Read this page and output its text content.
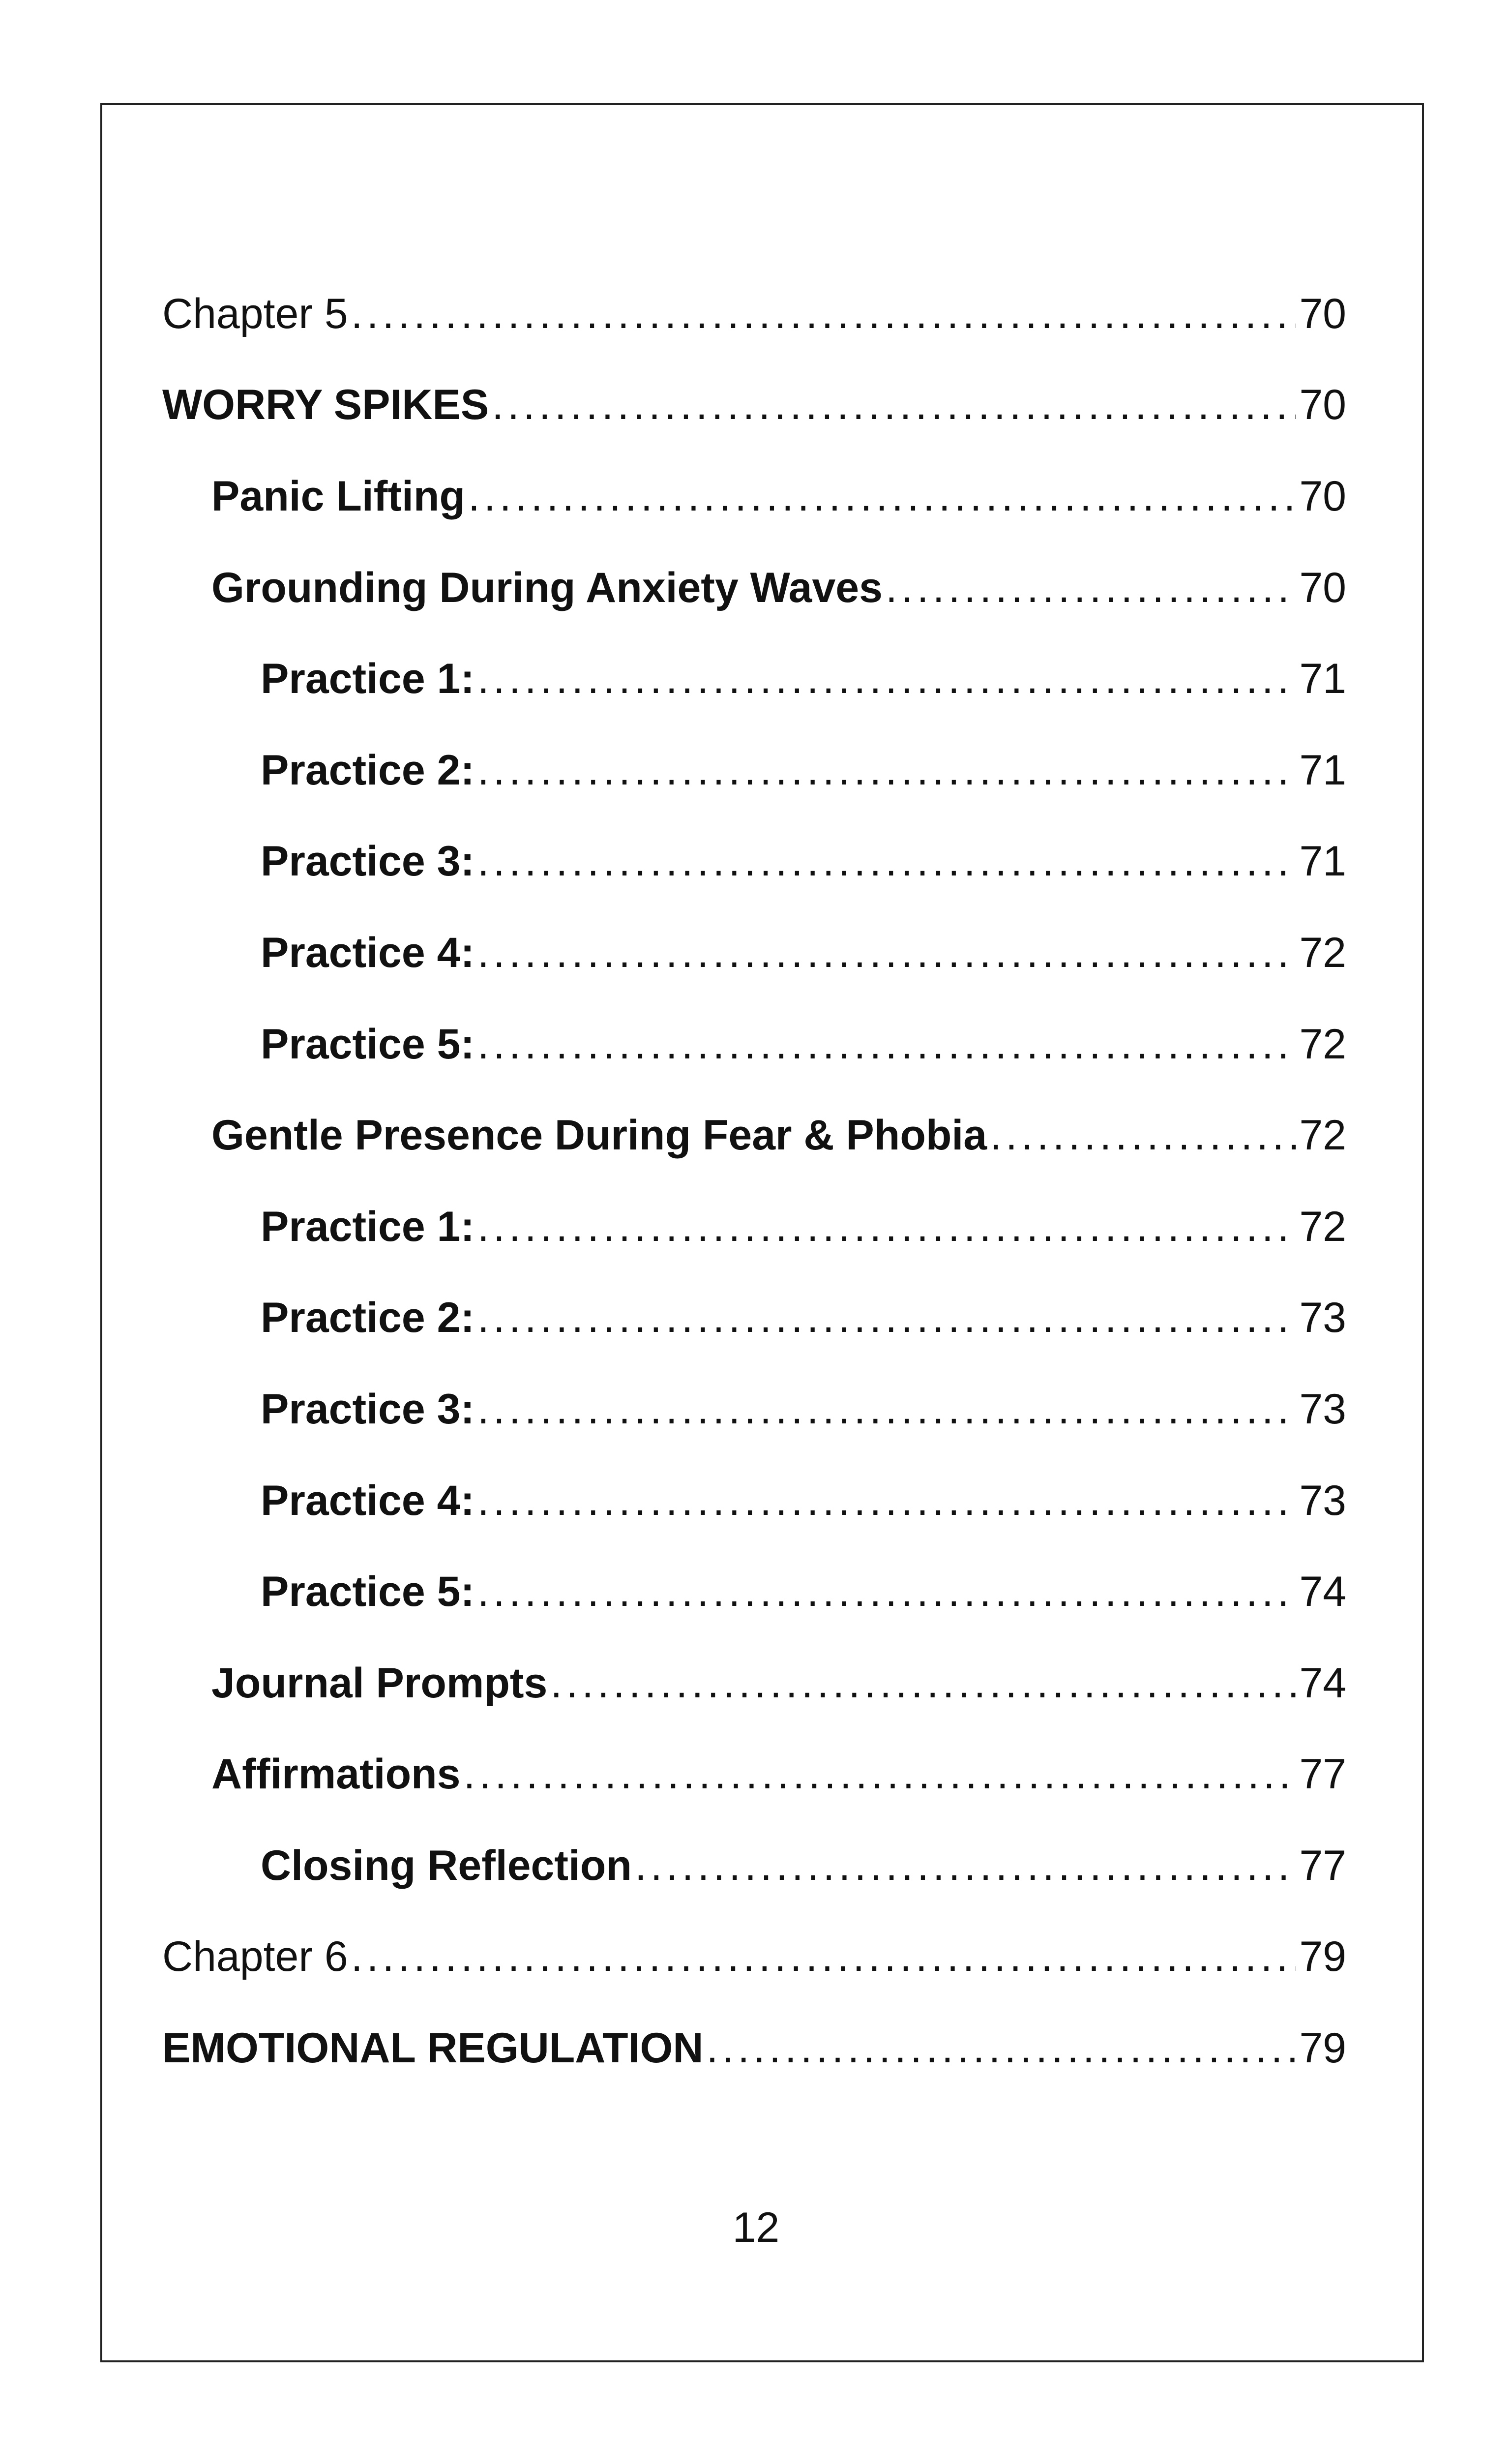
Chapter 5 .....	70
WORRY SPIKES .....	70
Panic Lifting .....	70
Grounding During Anxiety Waves .....	70
Practice 1: .....	71
Practice 2: .....	71
Practice 3: .....	71
Practice 4: .....	72
Practice 5: .....	72
Gentle Presence During Fear & Phobia .....	72
Practice 1: .....	72
Practice 2: .....	73
Practice 3: .....	73
Practice 4: .....	73
Practice 5: .....	74
Journal Prompts .....	74
Affirmations .....	77
Closing Reflection .....	77
Chapter 6 .....	79
EMOTIONAL REGULATION .....	79
12
